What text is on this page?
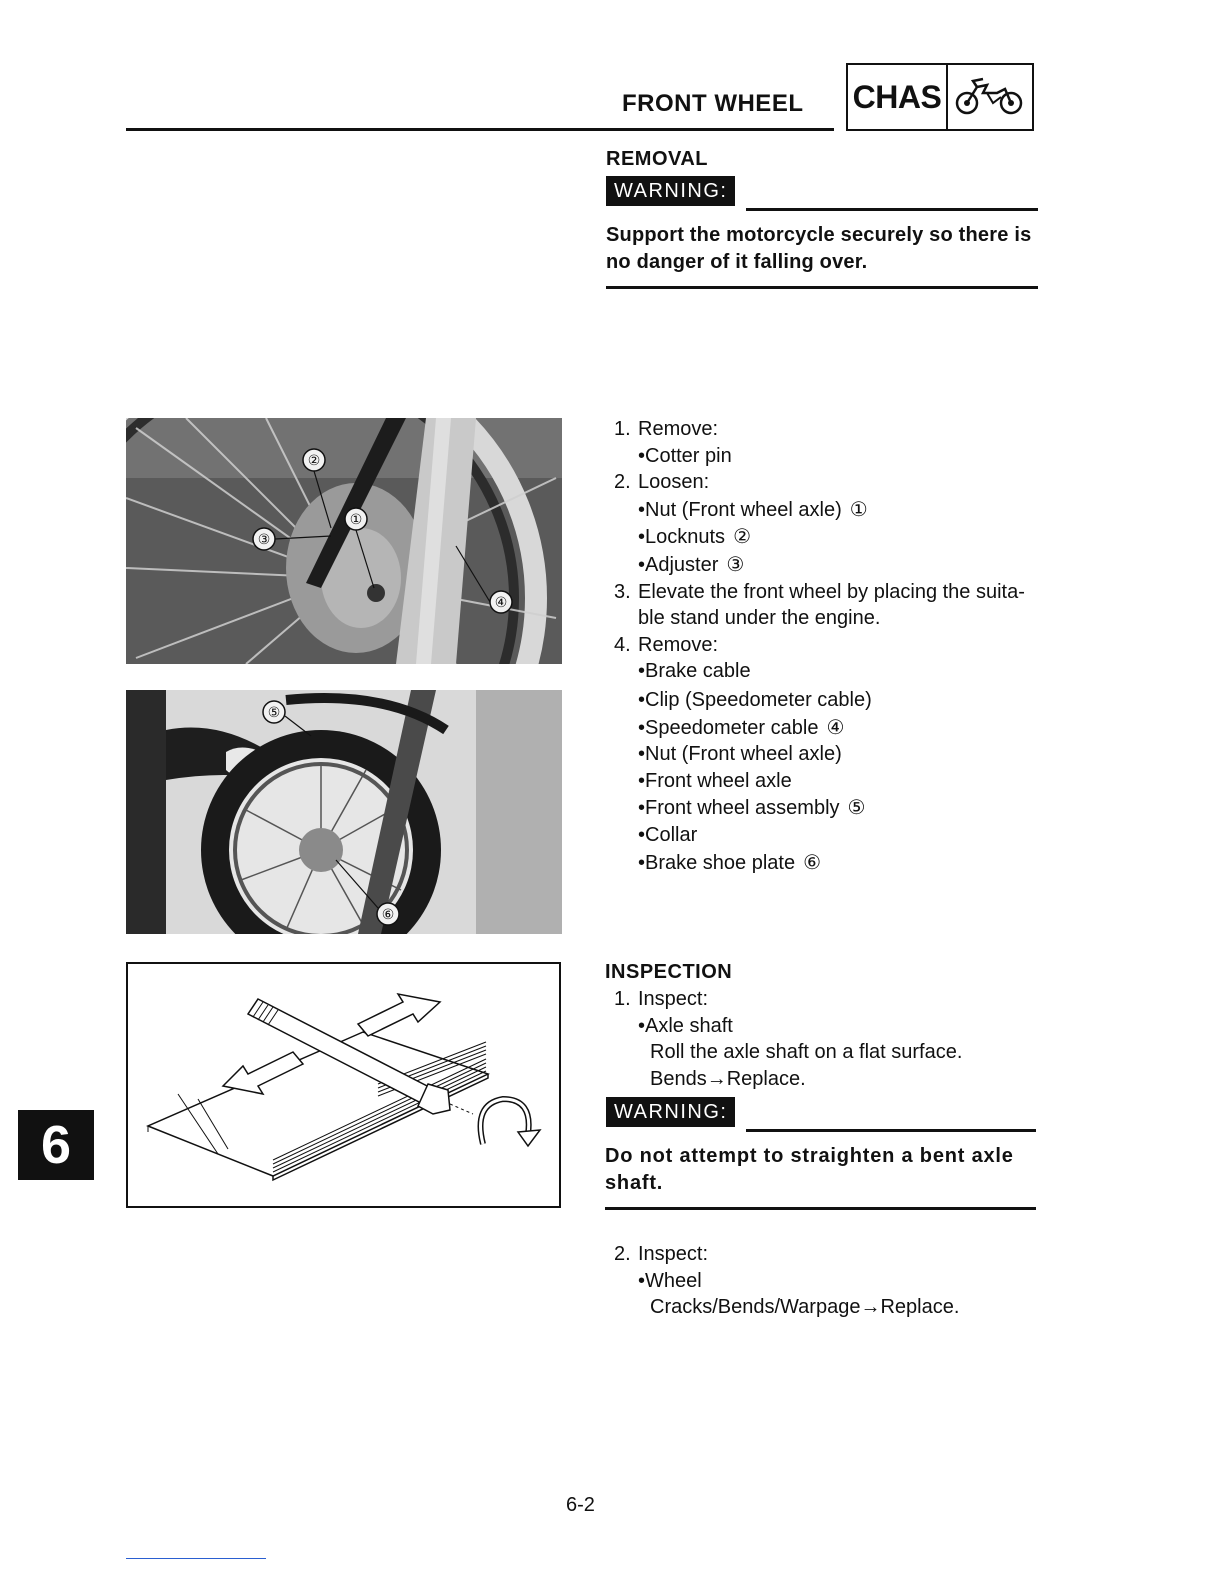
FRONT WHEEL CHAS
REMOVAL
WARNING:
Support the motorcycle securely so there is no danger of it falling over.
1. Remove:
•Cotter pin
2. Loosen:
•Nut (Front wheel axle) ①
•Locknuts ②
•Adjuster ③
3. Elevate the front wheel by placing the suita-
ble stand under the engine.
4. Remove:
•Brake cable
•Clip (Speedometer cable)
•Speedometer cable ④
•Nut (Front wheel axle)
•Front wheel axle
•Front wheel assembly ⑤
•Collar
•Brake shoe plate ⑥
②
①
③
④
⑤
⑥
INSPECTION
1. Inspect:
•Axle shaft
Roll the axle shaft on a flat surface.
Bends→Replace.
WARNING:
Do not attempt to straighten a bent axle shaft.
2. Inspect:
•Wheel
Cracks/Bends/Warpage→Replace.
6
6-2
